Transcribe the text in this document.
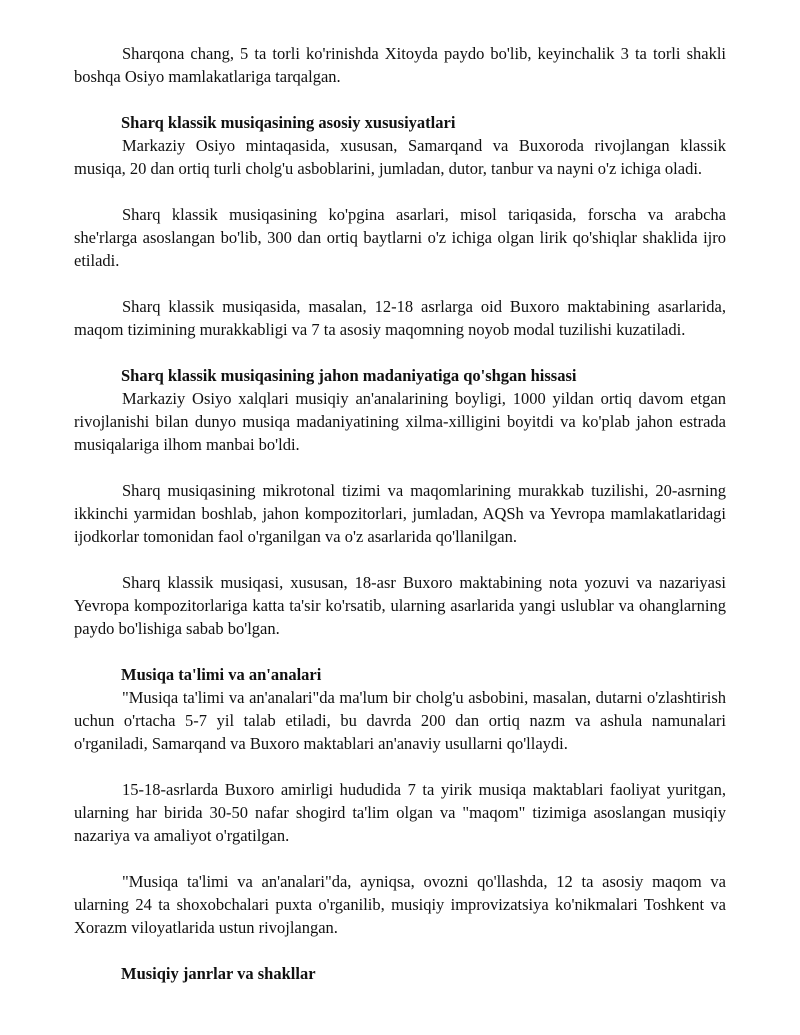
Sharqona chang, 5 ta torli ko'rinishda Xitoyda paydo bo'lib, keyinchalik 3 ta torli shakli boshqa Osiyo mamlakatlariga tarqalgan.

Sharq klassik musiqasining asosiy xususiyatlari

Markaziy Osiyo mintaqasida, xususan, Samarqand va Buxoroda rivojlangan klassik musiqa, 20 dan ortiq turli cholg'u asboblarini, jumladan, dutor, tanbur va nayni o'z ichiga oladi.

Sharq klassik musiqasining ko'pgina asarlari, misol tariqasida, forscha va arabcha she'rlarga asoslangan bo'lib, 300 dan ortiq baytlarni o'z ichiga olgan lirik qo'shiqlar shaklida ijro etiladi.

Sharq klassik musiqasida, masalan, 12-18 asrlarga oid Buxoro maktabining asarlarida, maqom tizimining murakkabligi va 7 ta asosiy maqomning noyob modal tuzilishi kuzatiladi.

Sharq klassik musiqasining jahon madaniyatiga qo'shgan hissasi

Markaziy Osiyo xalqlari musiqiy an'analarining boyligi, 1000 yildan ortiq davom etgan rivojlanishi bilan dunyo musiqa madaniyatining xilma-xilligini boyitdi va ko'plab jahon estrada musiqalariga ilhom manbai bo'ldi.

Sharq musiqasining mikrotonal tizimi va maqomlarining murakkab tuzilishi, 20-asrning ikkinchi yarmidan boshlab, jahon kompozitorlari, jumladan, AQSh va Yevropa mamlakatlaridagi ijodkorlar tomonidan faol o'rganilgan va o'z asarlarida qo'llanilgan.

Sharq klassik musiqasi, xususan, 18-asr Buxoro maktabining nota yozuvi va nazariyasi Yevropa kompozitorlariga katta ta'sir ko'rsatib, ularning asarlarida yangi uslublar va ohanglarning paydo bo'lishiga sabab bo'lgan.

Musiqa ta'limi va an'analari

"Musiqa ta'limi va an'analari"da ma'lum bir cholg'u asbobini, masalan, dutarni o'zlashtirish uchun o'rtacha 5-7 yil talab etiladi, bu davrda 200 dan ortiq nazm va ashula namunalari o'rganiladi, Samarqand va Buxoro maktablari an'anaviy usullarni qo'llaydi.

15-18-asrlarda Buxoro amirligi hududida 7 ta yirik musiqa maktablari faoliyat yuritgan, ularning har birida 30-50 nafar shogird ta'lim olgan va "maqom" tizimiga asoslangan musiqiy nazariya va amaliyot o'rgatilgan.

"Musiqa ta'limi va an'analari"da, ayniqsa, ovozni qo'llashda, 12 ta asosiy maqom va ularning 24 ta shoxobchalari puxta o'rganilib, musiqiy improvizatsiya ko'nikmalari Toshkent va Xorazm viloyatlarida ustun rivojlangan.

Musiqiy janrlar va shakllar
